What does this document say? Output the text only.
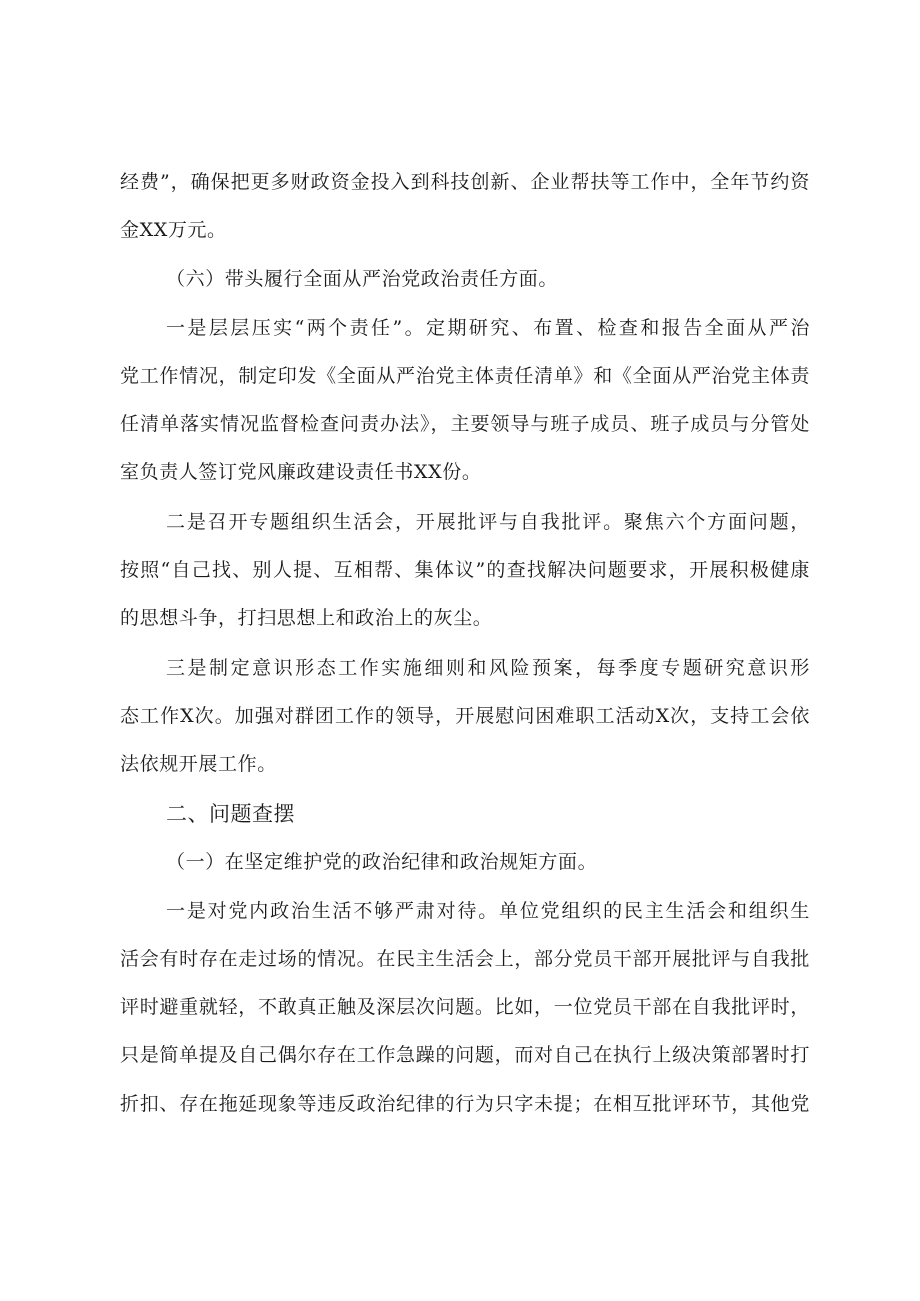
经费”，确保把更多财政资金投入到科技创新、企业帮扶等工作中，全年节约资
金XX万元。
（六）带头履行全面从严治党政治责任方面。
一是层层压实“两个责任”。定期研究、布置、检查和报告全面从严治
党工作情况，制定印发《全面从严治党主体责任清单》和《全面从严治党主体责
任清单落实情况监督检查问责办法》，主要领导与班子成员、班子成员与分管处
室负责人签订党风廉政建设责任书XX份。
二是召开专题组织生活会，开展批评与自我批评。聚焦六个方面问题，
按照“自己找、别人提、互相帮、集体议”的查找解决问题要求，开展积极健康
的思想斗争，打扫思想上和政治上的灰尘。
三是制定意识形态工作实施细则和风险预案，每季度专题研究意识形
态工作X次。加强对群团工作的领导，开展慰问困难职工活动X次，支持工会依
法依规开展工作。
二、问题查摆
（一）在坚定维护党的政治纪律和政治规矩方面。
一是对党内政治生活不够严肃对待。单位党组织的民主生活会和组织生
活会有时存在走过场的情况。在民主生活会上，部分党员干部开展批评与自我批
评时避重就轻，不敢真正触及深层次问题。比如，一位党员干部在自我批评时，
只是简单提及自己偶尔存在工作急躁的问题，而对自己在执行上级决策部署时打
折扣、存在拖延现象等违反政治纪律的行为只字未提；在相互批评环节，其他党
